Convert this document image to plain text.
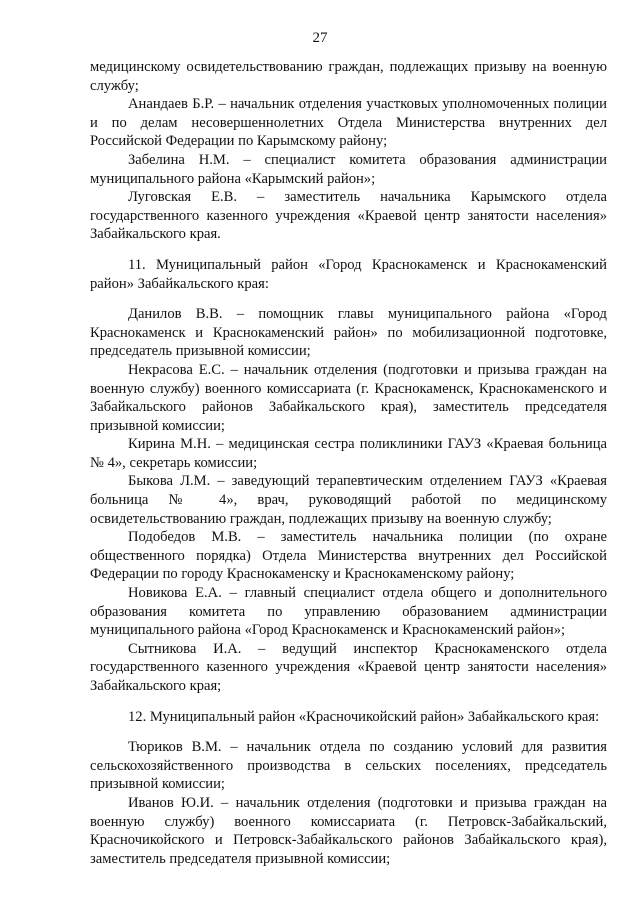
27

медицинскому освидетельствованию граждан, подлежащих призыву на военную службу;

Анандаев Б.Р. – начальник отделения участковых уполномоченных полиции и по делам несовершеннолетних Отдела Министерства внутренних дел Российской Федерации по Карымскому району;

Забелина Н.М. – специалист комитета образования администрации муниципального района «Карымский район»;

Луговская Е.В. – заместитель начальника Карымского отдела государственного казенного учреждения «Краевой центр занятости населения» Забайкальского края.

11. Муниципальный район «Город Краснокаменск и Краснокаменский район» Забайкальского края:

Данилов В.В. – помощник главы муниципального района «Город Краснокаменск и Краснокаменский район» по мобилизационной подготовке, председатель призывной комиссии;

Некрасова Е.С. – начальник отделения (подготовки и призыва граждан на военную службу) военного комиссариата (г. Краснокаменск, Краснокаменского и Забайкальского районов Забайкальского края), заместитель председателя призывной комиссии;

Кирина М.Н. – медицинская сестра поликлиники ГАУЗ «Краевая больница № 4», секретарь комиссии;

Быкова Л.М. – заведующий терапевтическим отделением ГАУЗ «Краевая больница № 4», врач, руководящий работой по медицинскому освидетельствованию граждан, подлежащих призыву на военную службу;

Подобедов М.В. – заместитель начальника полиции (по охране общественного порядка) Отдела Министерства внутренних дел Российской Федерации по городу Краснокаменску и Краснокаменскому району;

Новикова Е.А. – главный специалист отдела общего и дополнительного образования комитета по управлению образованием администрации муниципального района «Город Краснокаменск и Краснокаменский район»;

Сытникова И.А. – ведущий инспектор Краснокаменского отдела государственного казенного учреждения «Краевой центр занятости населения» Забайкальского края;

12. Муниципальный район «Красночикойский район» Забайкальского края:

Тюриков В.М. – начальник отдела по созданию условий для развития сельскохозяйственного производства в сельских поселениях, председатель призывной комиссии;

Иванов Ю.И. – начальник отделения (подготовки и призыва граждан на военную службу) военного комиссариата (г. Петровск-Забайкальский, Красночикойского и Петровск-Забайкальского районов Забайкальского края), заместитель председателя призывной комиссии;
